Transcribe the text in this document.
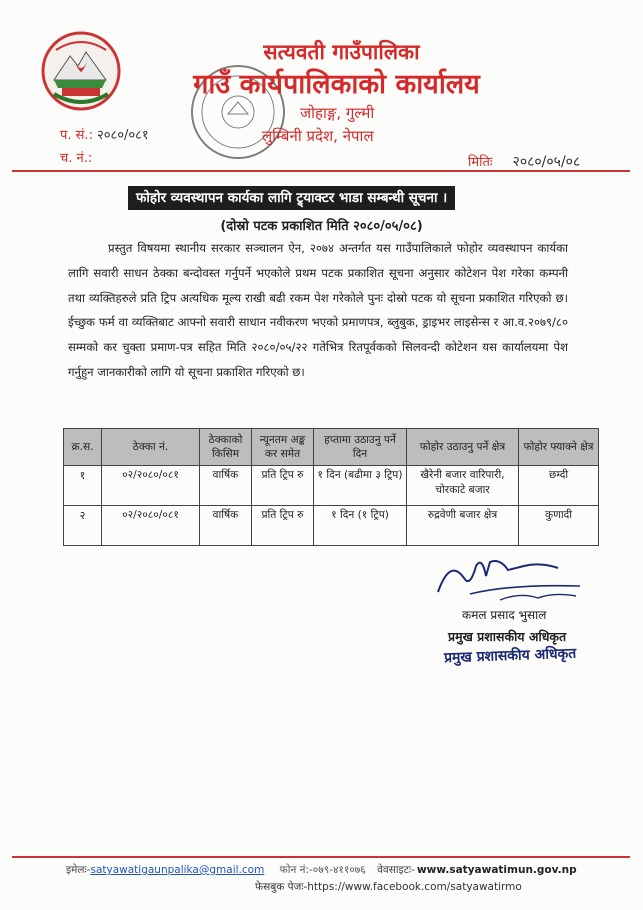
सत्यवती गाउँपालिका
गाउँ कार्यपालिकाको कार्यालय
जोहाङ्ग, गुल्मी
लुम्बिनी प्रदेश, नेपाल
प. सं.: २०८०/०८१
च. नं.:	मितिः २०८०/०५/०८
फोहोर व्यवस्थापन कार्यका लागि ट्र्याक्टर भाडा सम्बन्धी सूचना ।
(दोस्रो पटक प्रकाशित मिति २०८०/०५/०८)
प्रस्तुत विषयमा स्थानीय सरकार सञ्चालन ऐन, २०७४ अन्तर्गत यस गाउँपालिकाले फोहोर व्यवस्थापन कार्यका लागि सवारी साधन ठेक्का बन्दोवस्त गर्नुपर्ने भएकोले प्रथम पटक प्रकाशित सूचना अनुसार कोटेशन पेश गरेका कम्पनी तथा व्यक्तिहरुले प्रति ट्रिप अत्यधिक मूल्य राखी बढी रकम पेश गरेकोले पुनः दोस्रो पटक यो सूचना प्रकाशित गरिएको छ। ईच्छुक फर्म वा व्यक्तिबाट आफ्नो सवारी साधान नवीकरण भएको प्रमाणपत्र, ब्लुबुक, ड्राइभर लाइसेन्स र आ.व.२०७९/८० सम्मको कर चुक्ता प्रमाण-पत्र सहित मिति २०८०/०५/२२ गतेभित्र रितपूर्वकको सिलवन्दी कोटेशन यस कार्यालयमा पेश गर्नुहुन जानकारीको लागि यो सूचना प्रकाशित गरिएको छ।
क्र.स.	ठेक्का नं.	ठेक्काको किसिम	न्यूनतम अङ्क कर समेत	हप्तामा उठाउनु पर्ने दिन	फोहोर उठाउनु पर्ने क्षेत्र	फोहोर फ्याक्ने क्षेत्र
१	०२/२०८०/०८१	वार्षिक	प्रति ट्रिप रु	१ दिन (बढीमा ३ ट्रिप)	खैरेनी बजार वारिपारी, चोरकाटे बजार	छम्दी
२	०२/२०८०/०८१	वार्षिक	प्रति ट्रिप रु	१ दिन (१ ट्रिप)	रुद्रवेणी बजार क्षेत्र	कुणादी
कमल प्रसाद भुसाल
प्रमुख प्रशासकीय अधिकृत
प्रमुख प्रशासकीय अधिकृत
इमेलः-satyawatigaunpalika@gmail.com फोन नं:-०७९-४११०७६ वेवसाइटः- www.satyawatimun.gov.np
फेसबुक पेजः-https://www.facebook.com/satyawatirmo
